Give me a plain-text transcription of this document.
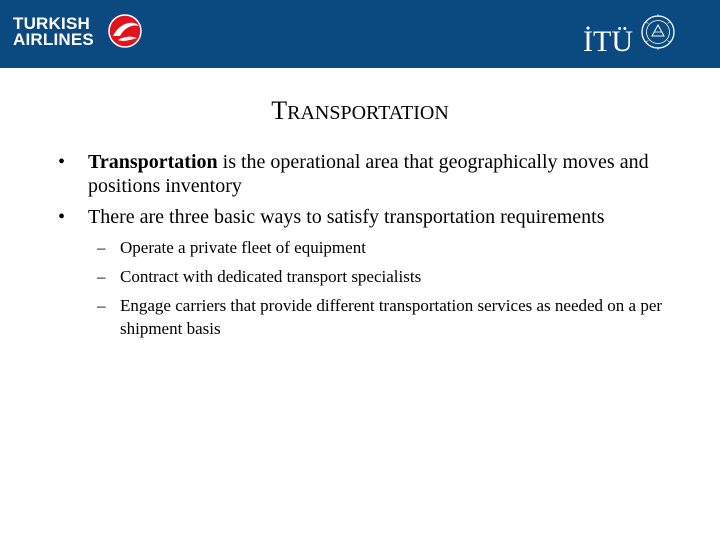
TURKISH
AIRLINES	İTÜ
TRANSPORTATION
• Transportation is the operational area that geographically moves and positions inventory
• There are three basic ways to satisfy transportation requirements
– Operate a private fleet of equipment
– Contract with dedicated transport specialists
– Engage carriers that provide different transportation services as needed on a per shipment basis
